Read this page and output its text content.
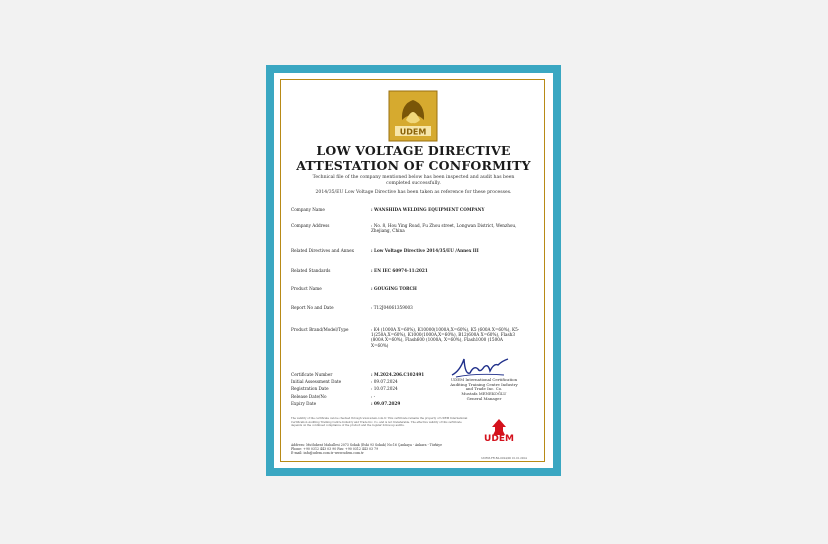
UDEM
LOW VOLTAGE DIRECTIVE
ATTESTATION OF CONFORMITY
Technical file of the company mentioned below has been inspected and audit has been completed successfully.
2014/35/EU Low Voltage Directive has been taken as reference for these processes.
Company Name	: WANSHIDA WELDING EQUIPMENT COMPANY
Company Address	: No. 8, Hou Ying Road, Fu Zhou street, Longwan District, Wenzhou, Zhejiang, China
Related Directives and Annex	: Low Voltage Directive 2014/35/EU /Annex III
Related Standards	: EN IEC 60974-11:2021
Product Name	: GOUGING TORCH
Report No and Date	: T12J04061359003
Product Brand/Model/Type	: K4 (1000A X=60%), K10000(1000A,X=60%), K5 (600A X=60%), K5-1(250A,X=60%), K1000(1000A,X=60%), B12(600A X=60%), Flash3 (800A X=60%), Flash600 (1000A, X=60%), Flash1000 (1500A X=60%)
Certificate Number	: M.2024.206.C102491
Initial Assessment Date	: 09.07.2024
Registration Date	: 10.07.2024
Release Date/No	: -
Expiry Date	: 09.07.2029
UDEM International Certification
Auditing Training Centre Industry
and Trade Inc. Co.
Mustafa MENEKOĞLU
General Manager
The validity of the certificate can be checked through www.udem.com.tr. This certificate remains the property of UDEM International Certification Auditing Training Centre Industry and Trade Inc. Co. and is not transferable. The effective validity of this certificate depends on the continued compliance of the product and the regular follow-up audits.
Address: Mutlukent Mahallesi 2073 Sokak (Eski 93 Sokak) No:16 Çankaya - Ankara - Türkiye
Phone: +90 0312 443 03 90 Fax: +90 0312 443 03 79
E-mail: info@udem.com.tr www.udem.com.tr
UDEM
UDEM-FR-RA-0024/00 01.01.2024
